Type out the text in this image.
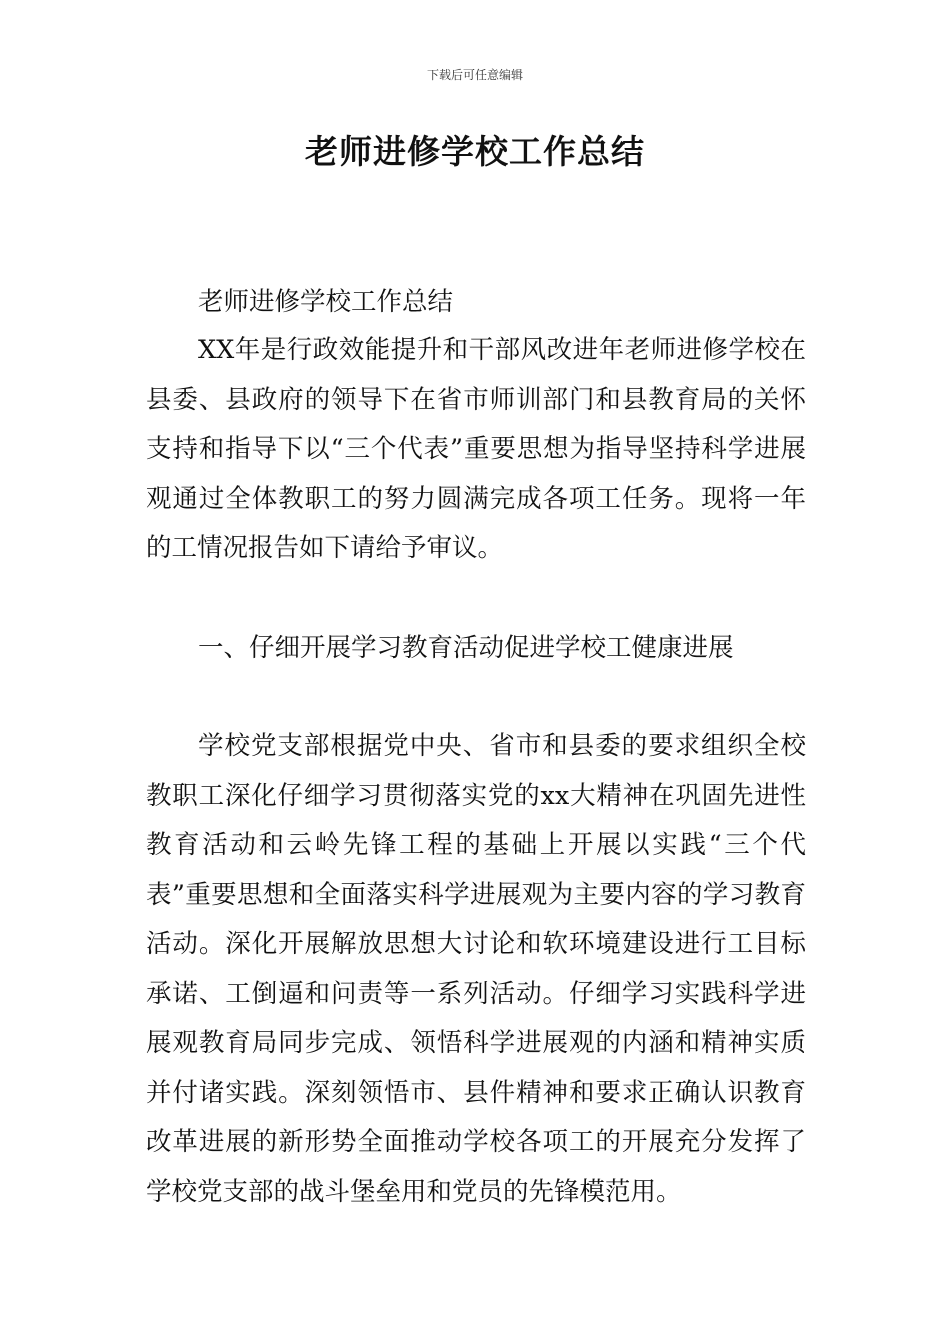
下载后可任意编辑
老师进修学校工作总结

老师进修学校工作总结

XX年是行政效能提升和干部风改进年老师进修学校在县委、县政府的领导下在省市师训部门和县教育局的关怀支持和指导下以“三个代表”重要思想为指导坚持科学进展观通过全体教职工的努力圆满完成各项工任务。现将一年的工情况报告如下请给予审议。

一、仔细开展学习教育活动促进学校工健康进展

学校党支部根据党中央、省市和县委的要求组织全校教职工深化仔细学习贯彻落实党的xx大精神在巩固先进性教育活动和云岭先锋工程的基础上开展以实践“三个代表”重要思想和全面落实科学进展观为主要内容的学习教育活动。深化开展解放思想大讨论和软环境建设进行工目标承诺、工倒逼和问责等一系列活动。仔细学习实践科学进展观教育局同步完成、领悟科学进展观的内涵和精神实质并付诸实践。深刻领悟市、县件精神和要求正确认识教育改革进展的新形势全面推动学校各项工的开展充分发挥了学校党支部的战斗堡垒用和党员的先锋模范用。
